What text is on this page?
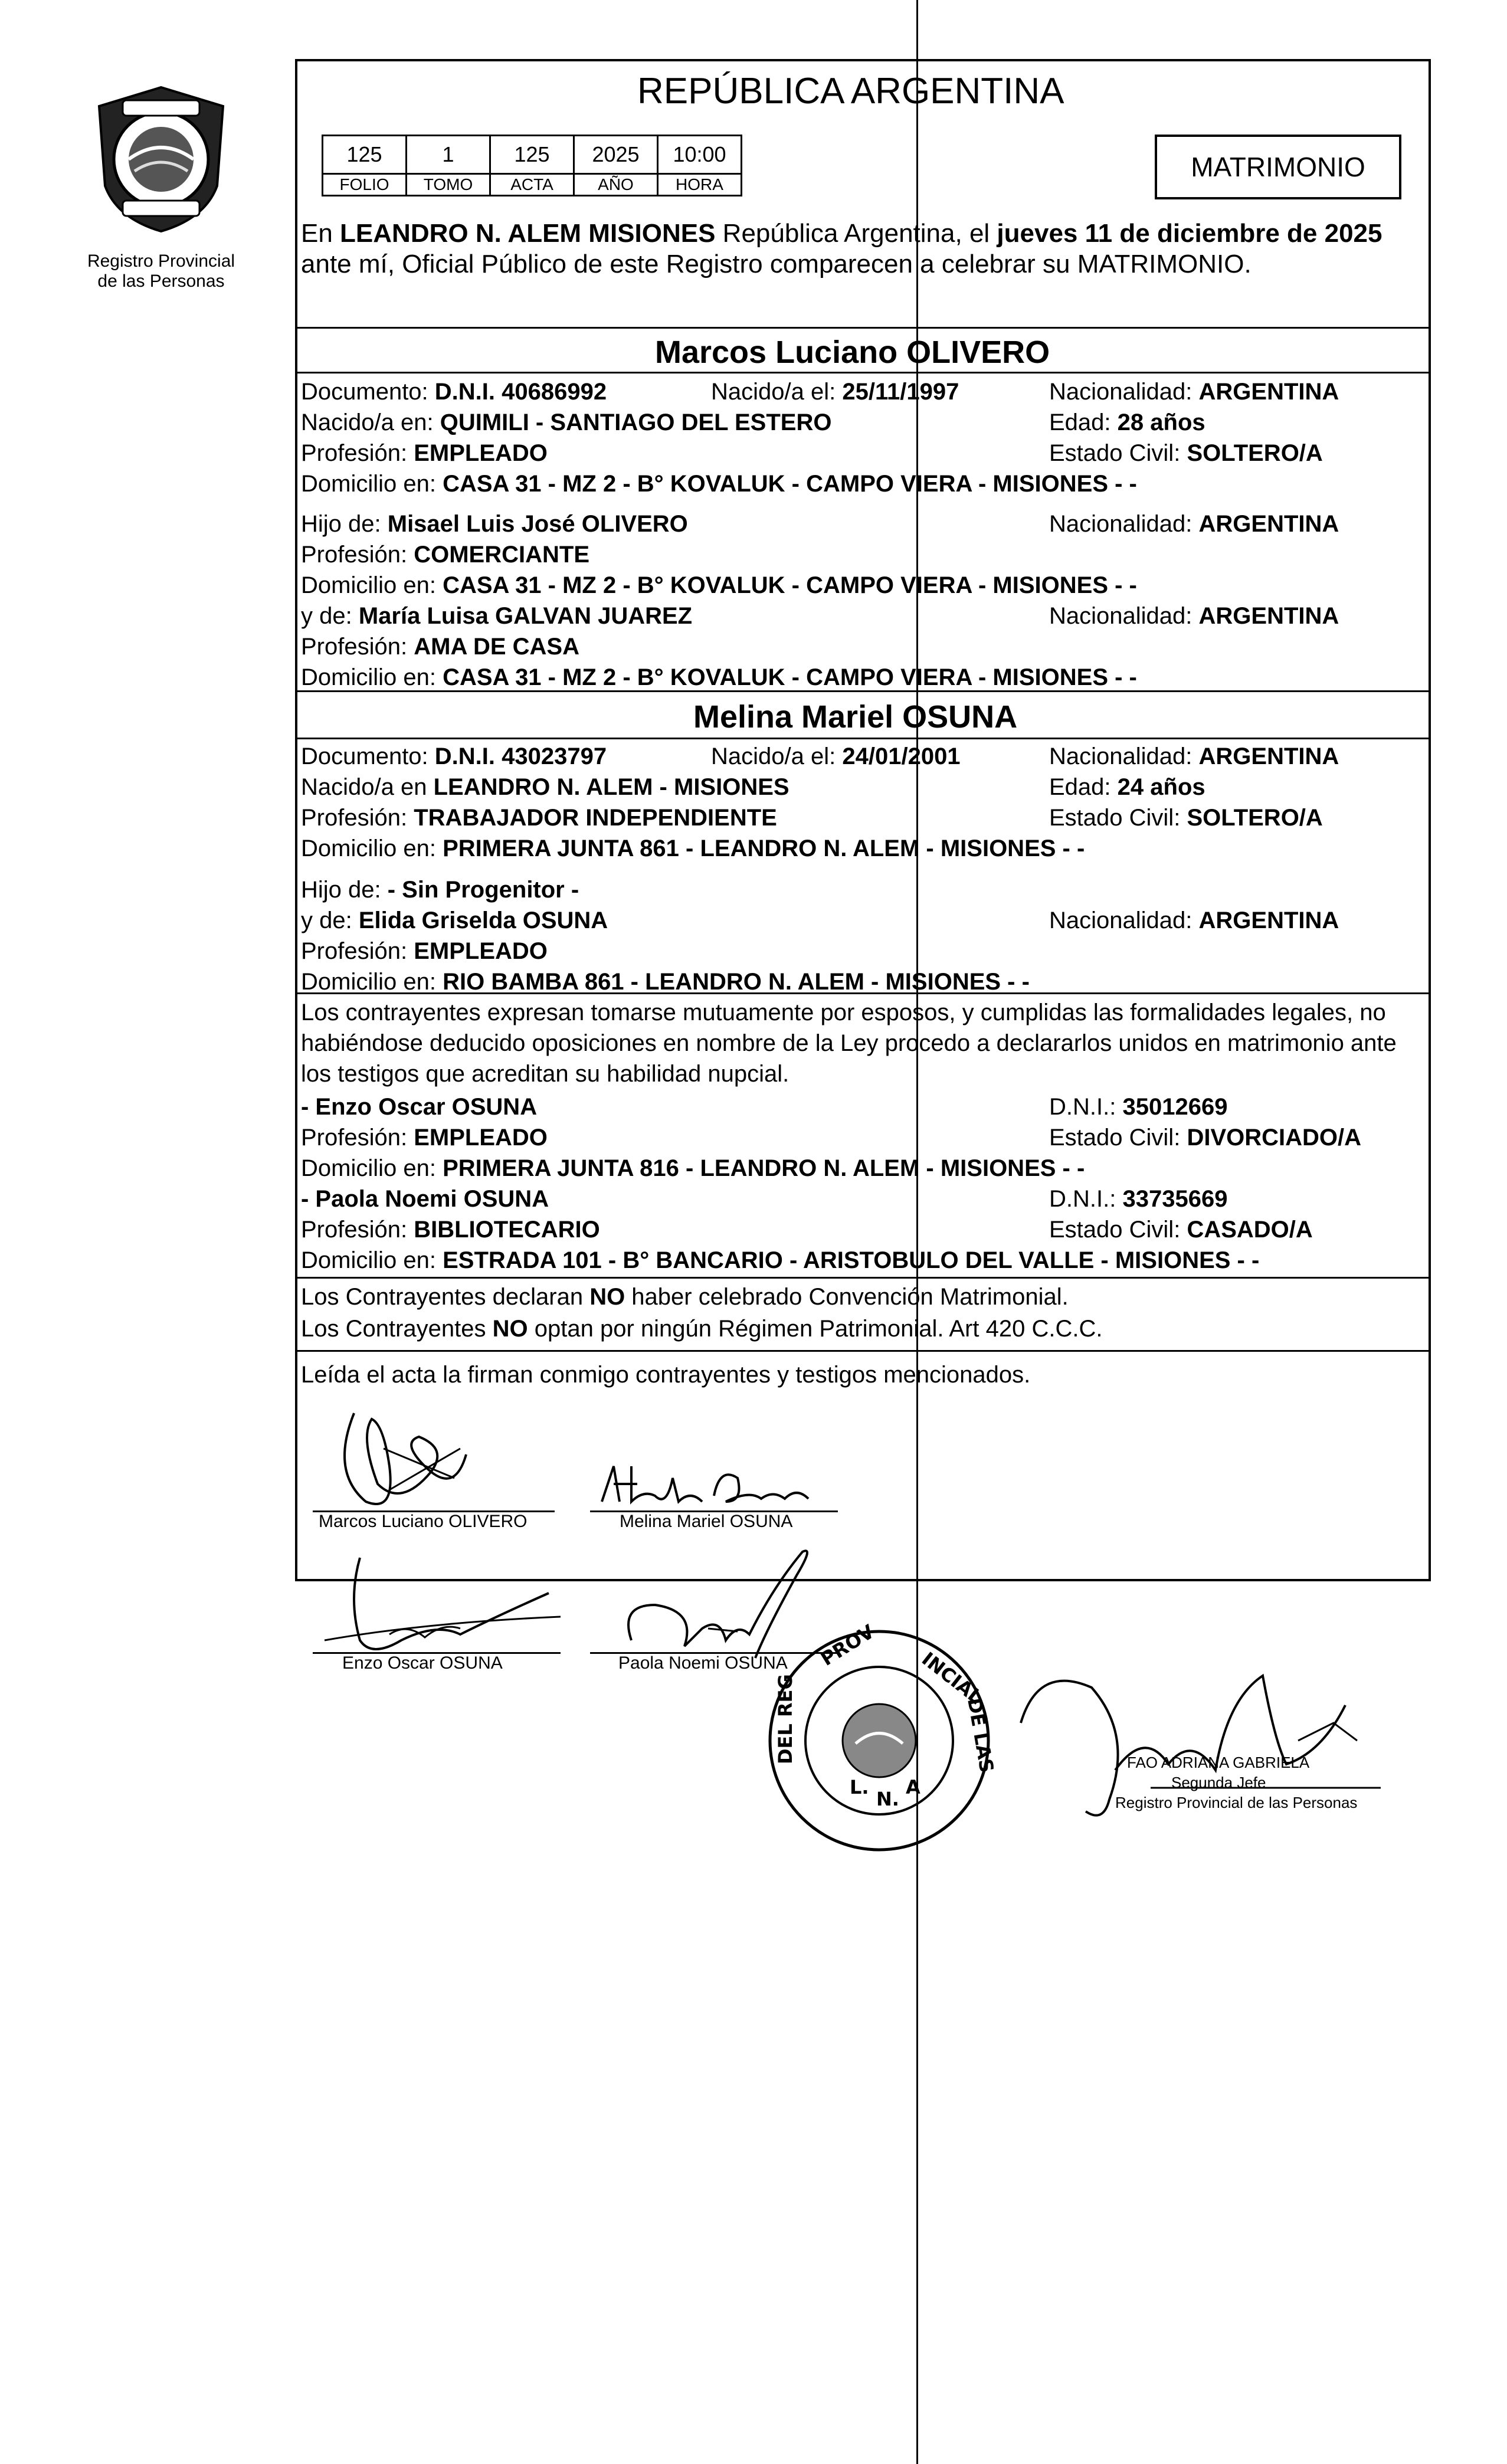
Registro Provincial
de las Personas
REPÚBLICA ARGENTINA
125	1	125	2025	10:00
FOLIO	TOMO	ACTA	AÑO	HORA
MATRIMONIO
En LEANDRO N. ALEM MISIONES República Argentina, el jueves 11 de diciembre de 2025
ante mí, Oficial Público de este Registro comparecen a celebrar su MATRIMONIO.
Marcos Luciano OLIVERO
Documento: D.N.I. 40686992	Nacido/a el: 25/11/1997	Nacionalidad: ARGENTINA
Nacido/a en: QUIMILI - SANTIAGO DEL ESTERO	Edad: 28 años
Profesión: EMPLEADO	Estado Civil: SOLTERO/A
Domicilio en: CASA 31 - MZ 2 - B° KOVALUK - CAMPO VIERA - MISIONES - -
Hijo de: Misael Luis José OLIVERO	Nacionalidad: ARGENTINA
Profesión: COMERCIANTE
Domicilio en: CASA 31 - MZ 2 - B° KOVALUK - CAMPO VIERA - MISIONES - -
y de: María Luisa GALVAN JUAREZ	Nacionalidad: ARGENTINA
Profesión: AMA DE CASA
Domicilio en: CASA 31 - MZ 2 - B° KOVALUK - CAMPO VIERA - MISIONES - -
Melina Mariel OSUNA
Documento: D.N.I. 43023797	Nacido/a el: 24/01/2001	Nacionalidad: ARGENTINA
Nacido/a en LEANDRO N. ALEM - MISIONES	Edad: 24 años
Profesión: TRABAJADOR INDEPENDIENTE	Estado Civil: SOLTERO/A
Domicilio en: PRIMERA JUNTA 861 - LEANDRO N. ALEM - MISIONES - -
Hijo de: - Sin Progenitor -
y de: Elida Griselda OSUNA	Nacionalidad: ARGENTINA
Profesión: EMPLEADO
Domicilio en: RIO BAMBA 861 - LEANDRO N. ALEM - MISIONES - -
Los contrayentes expresan tomarse mutuamente por esposos, y cumplidas las formalidades legales, no
habiéndose deducido oposiciones en nombre de la Ley procedo a declararlos unidos en matrimonio ante
los testigos que acreditan su habilidad nupcial.
- Enzo Oscar OSUNA	D.N.I.: 35012669
Profesión: EMPLEADO	Estado Civil: DIVORCIADO/A
Domicilio en: PRIMERA JUNTA 816 - LEANDRO N. ALEM - MISIONES - -
- Paola Noemi OSUNA	D.N.I.: 33735669
Profesión: BIBLIOTECARIO	Estado Civil: CASADO/A
Domicilio en: ESTRADA 101 - B° BANCARIO - ARISTOBULO DEL VALLE - MISIONES - -
Los Contrayentes declaran NO haber celebrado Convención Matrimonial.
Los Contrayentes NO optan por ningún Régimen Patrimonial. Art 420 C.C.C.
Leída el acta la firman conmigo contrayentes y testigos mencionados.
Marcos Luciano OLIVERO	Melina Mariel OSUNA
Enzo Oscar OSUNA	Paola Noemi OSUNA PROV
INCIAL
DEL REG	DE LAS
L.
N.
A
FAO ADRIANA GABRIELA
Segunda Jefe
Registro Provincial de las Personas
